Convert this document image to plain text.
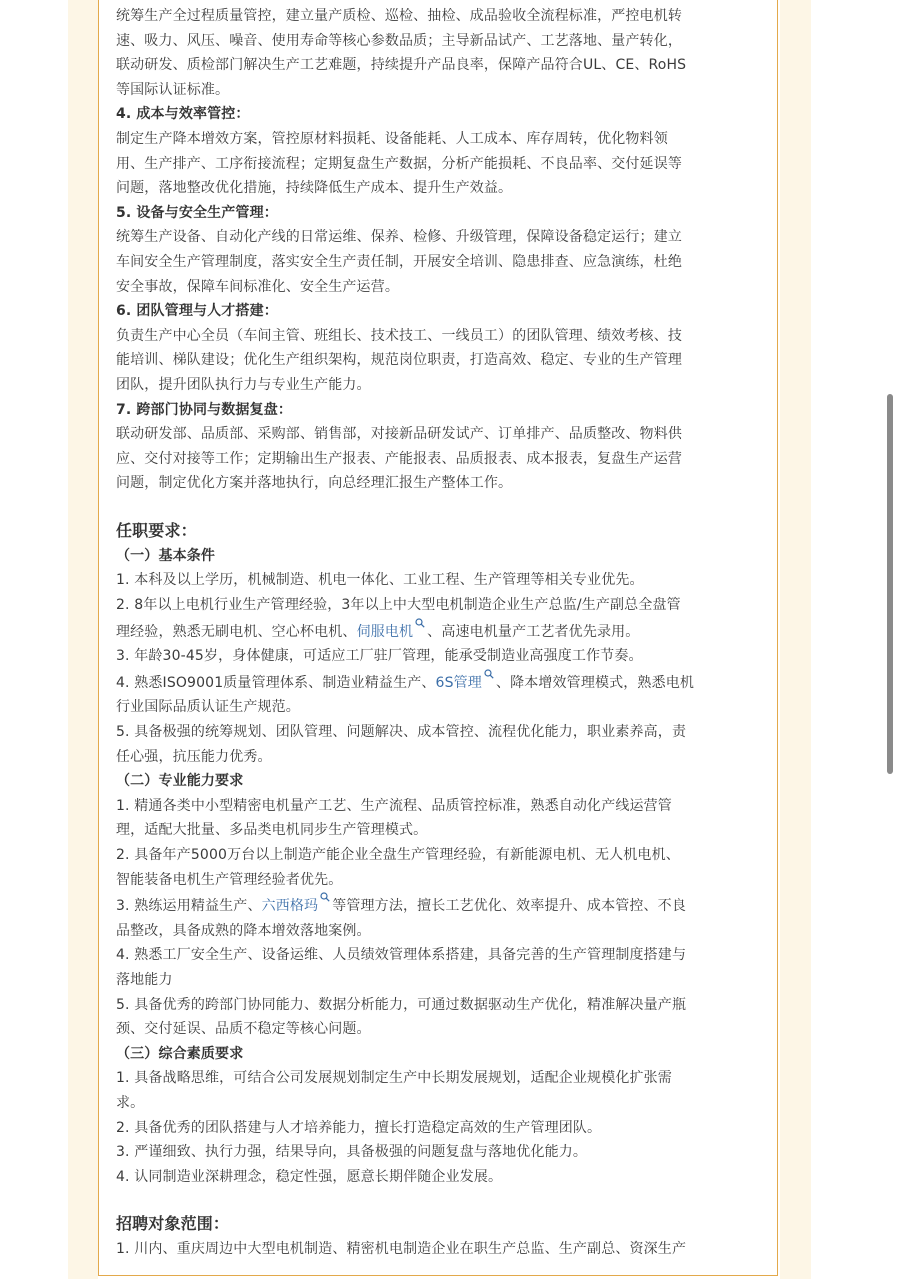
统筹生产全过程质量管控，建立量产质检、巡检、抽检、成品验收全流程标准，严控电机转

速、吸力、风压、噪音、使用寿命等核心参数品质；主导新品试产、工艺落地、量产转化，

联动研发、质检部门解决生产工艺难题，持续提升产品良率，保障产品符合UL、CE、RoHS

等国际认证标准。

4. 成本与效率管控：

制定生产降本增效方案，管控原材料损耗、设备能耗、人工成本、库存周转，优化物料领

用、生产排产、工序衔接流程；定期复盘生产数据，分析产能损耗、不良品率、交付延误等

问题，落地整改优化措施，持续降低生产成本、提升生产效益。

5. 设备与安全生产管理：

统筹生产设备、自动化产线的日常运维、保养、检修、升级管理，保障设备稳定运行；建立

车间安全生产管理制度，落实安全生产责任制，开展安全培训、隐患排查、应急演练，杜绝

安全事故，保障车间标准化、安全生产运营。

6. 团队管理与人才搭建：

负责生产中心全员（车间主管、班组长、技术技工、一线员工）的团队管理、绩效考核、技

能培训、梯队建设；优化生产组织架构，规范岗位职责，打造高效、稳定、专业的生产管理

团队，提升团队执行力与专业生产能力。

7. 跨部门协同与数据复盘：

联动研发部、品质部、采购部、销售部，对接新品研发试产、订单排产、品质整改、物料供

应、交付对接等工作；定期输出生产报表、产能报表、品质报表、成本报表，复盘生产运营

问题，制定优化方案并落地执行，向总经理汇报生产整体工作。

任职要求：

（一）基本条件

1. 本科及以上学历，机械制造、机电一体化、工业工程、生产管理等相关专业优先。

2. 8年以上电机行业生产管理经验，3年以上中大型电机制造企业生产总监/生产副总全盘管

理经验，熟悉无刷电机、空心杯电机、伺服电机 、高速电机量产工艺者优先录用。

3. 年龄30-45岁，身体健康，可适应工厂驻厂管理，能承受制造业高强度工作节奏。

4. 熟悉ISO9001质量管理体系、制造业精益生产、6S管理 、降本增效管理模式，熟悉电机

行业国际品质认证生产规范。

5. 具备极强的统筹规划、团队管理、问题解决、成本管控、流程优化能力，职业素养高，责

任心强，抗压能力优秀。

（二）专业能力要求

1. 精通各类中小型精密电机量产工艺、生产流程、品质管控标准，熟悉自动化产线运营管

理，适配大批量、多品类电机同步生产管理模式。

2. 具备年产5000万台以上制造产能企业全盘生产管理经验，有新能源电机、无人机电机、

智能装备电机生产管理经验者优先。

3. 熟练运用精益生产、六西格玛 等管理方法，擅长工艺优化、效率提升、成本管控、不良

品整改，具备成熟的降本增效落地案例。

4. 熟悉工厂安全生产、设备运维、人员绩效管理体系搭建，具备完善的生产管理制度搭建与

落地能力

5. 具备优秀的跨部门协同能力、数据分析能力，可通过数据驱动生产优化，精准解决量产瓶

颈、交付延误、品质不稳定等核心问题。

（三）综合素质要求

1. 具备战略思维，可结合公司发展规划制定生产中长期发展规划，适配企业规模化扩张需

求。

2. 具备优秀的团队搭建与人才培养能力，擅长打造稳定高效的生产管理团队。

3. 严谨细致、执行力强，结果导向，具备极强的问题复盘与落地优化能力。

4. 认同制造业深耕理念，稳定性强，愿意长期伴随企业发展。

招聘对象范围：

1. 川内、重庆周边中大型电机制造、精密机电制造企业在职生产总监、生产副总、资深生产
